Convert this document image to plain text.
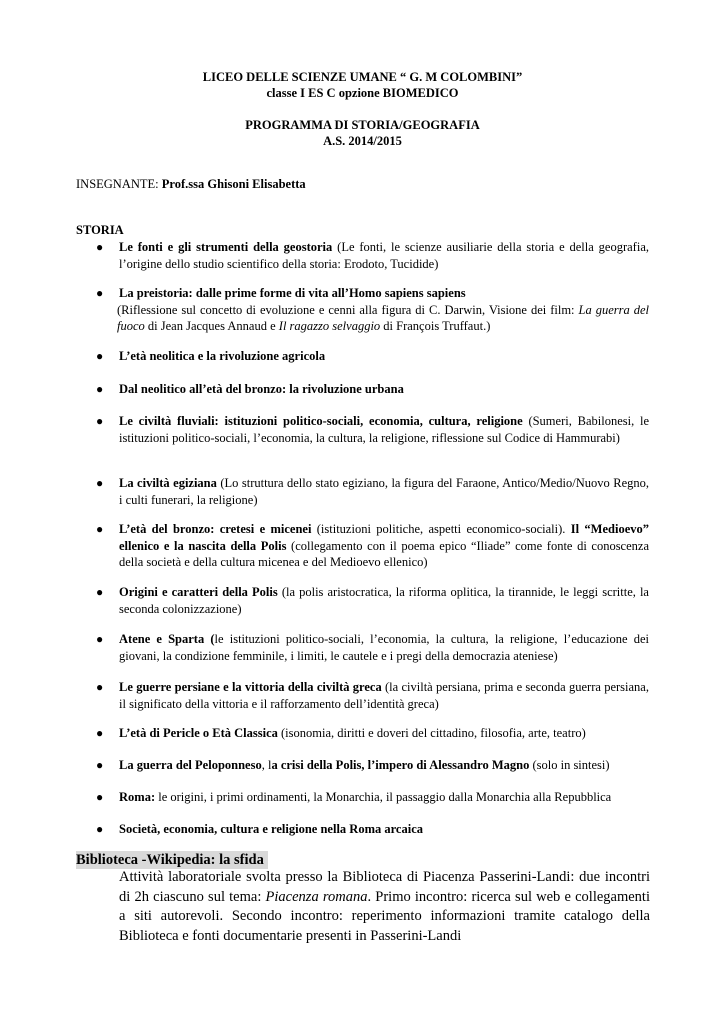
LICEO DELLE SCIENZE UMANE “ G. M COLOMBINI”
classe I ES C opzione BIOMEDICO
PROGRAMMA DI STORIA/GEOGRAFIA
A.S. 2014/2015
INSEGNANTE: Prof.ssa Ghisoni Elisabetta
STORIA
● Le fonti e gli strumenti della geostoria (Le fonti, le scienze ausiliarie della storia e della geografia, l’origine dello studio scientifico della storia: Erodoto, Tucidide)
● La preistoria: dalle prime forme di vita all’Homo sapiens sapiens
(Riflessione sul concetto di evoluzione e cenni alla figura di C. Darwin, Visione dei film: La guerra del fuoco di Jean Jacques Annaud e Il ragazzo selvaggio di François Truffaut.)
● L’età neolitica e la rivoluzione agricola
● Dal neolitico all’età del bronzo: la rivoluzione urbana
● Le civiltà fluviali: istituzioni politico-sociali, economia, cultura, religione (Sumeri, Babilonesi, le istituzioni politico-sociali, l’economia, la cultura, la religione, riflessione sul Codice di Hammurabi)
● La civiltà egiziana (Lo struttura dello stato egiziano, la figura del Faraone, Antico/Medio/Nuovo Regno, i culti funerari, la religione)
● L’età del bronzo: cretesi e micenei (istituzioni politiche, aspetti economico-sociali). Il “Medioevo” ellenico e la nascita della Polis (collegamento con il poema epico “Iliade” come fonte di conoscenza della società e della cultura micenea e del Medioevo ellenico)
● Origini e caratteri della Polis (la polis aristocratica, la riforma oplitica, la tirannide, le leggi scritte, la seconda colonizzazione)
● Atene e Sparta (le istituzioni politico-sociali, l’economia, la cultura, la religione, l’educazione dei giovani, la condizione femminile, i limiti, le cautele e i pregi della democrazia ateniese)
● Le guerre persiane e la vittoria della civiltà greca (la civiltà persiana, prima e seconda guerra persiana, il significato della vittoria e il rafforzamento dell’identità greca)
● L’età di Pericle o Età Classica (isonomia, diritti e doveri del cittadino, filosofia, arte, teatro)
● La guerra del Peloponneso, la crisi della Polis, l’impero di Alessandro Magno (solo in sintesi)
● Roma: le origini, i primi ordinamenti, la Monarchia, il passaggio dalla Monarchia alla Repubblica
● Società, economia, cultura e religione nella Roma arcaica
Biblioteca -Wikipedia: la sfida
Attività laboratoriale svolta presso la Biblioteca di Piacenza Passerini-Landi: due incontri di 2h ciascuno sul tema: Piacenza romana. Primo incontro: ricerca sul web e collegamenti a siti autorevoli. Secondo incontro: reperimento informazioni tramite catalogo della Biblioteca e fonti documentarie presenti in Passerini-Landi
